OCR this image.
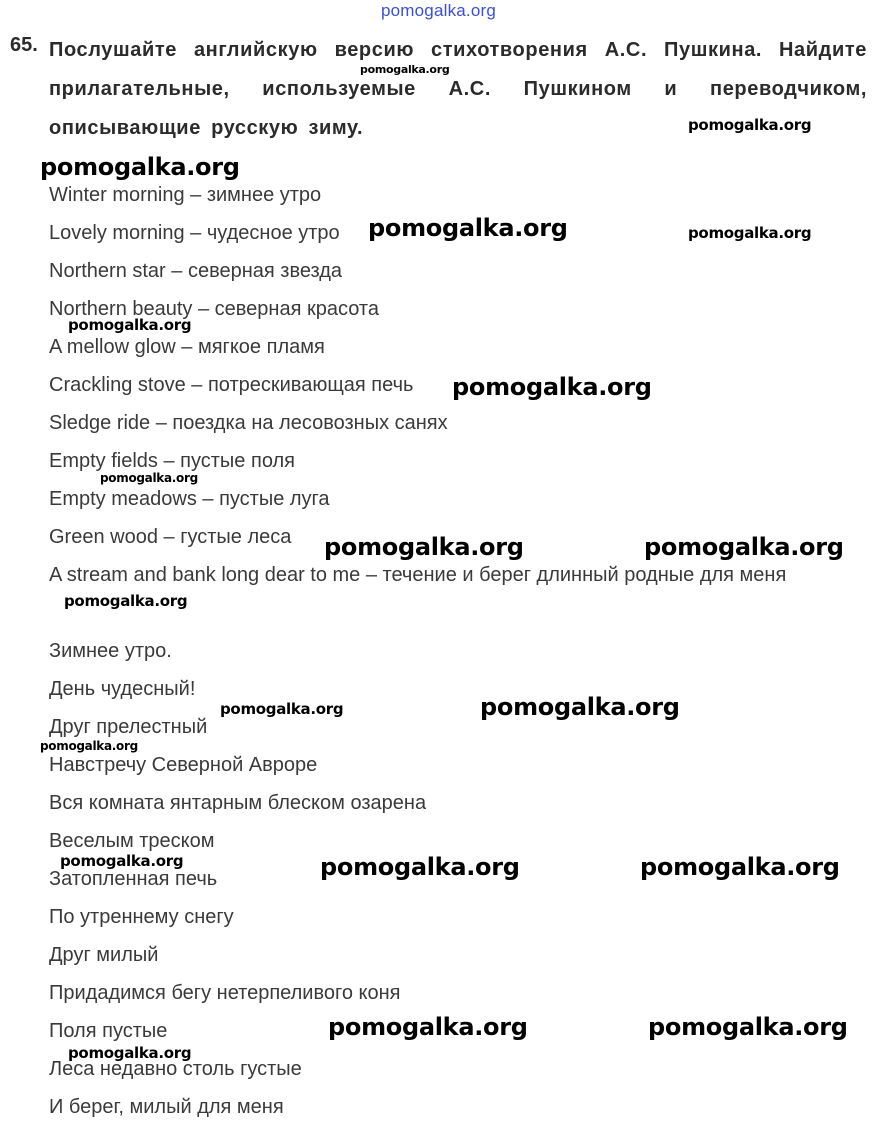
pomogalka.org
65. Послушайте английскую версию стихотворения А.С. Пушкина. Найдите прилагательные, используемые А.С. Пушкином и переводчиком, описывающие русскую зиму.
Winter morning – зимнее утро
Lovely morning – чудесное утро
Northern star – северная звезда
Northern beauty – северная красота
A mellow glow – мягкое пламя
Crackling stove – потрескивающая печь
Sledge ride – поездка на лесовозных санях
Empty fields – пустые поля
Empty meadows – пустые луга
Green wood – густые леса
A stream and bank long dear to me – течение и берег длинный родные для меня
Зимнее утро.
День чудесный!
Друг прелестный
Навстречу Северной Авроре
Вся комната янтарным блеском озарена
Веселым треском
Затопленная печь
По утреннему снегу
Друг милый
Придадимся бегу нетерпеливого коня
Поля пустые
Леса недавно столь густые
И берег, милый для меня
pomogalka.org
pomogalka.org
pomogalka.org
pomogalka.org	pomogalka.org
pomogalka.org
pomogalka.org
pomogalka.org
pomogalka.org	pomogalka.org
pomogalka.org
pomogalka.org	pomogalka.org
pomogalka.org
pomogalka.org	pomogalka.org	pomogalka.org
pomogalka.org	pomogalka.org
pomogalka.org
